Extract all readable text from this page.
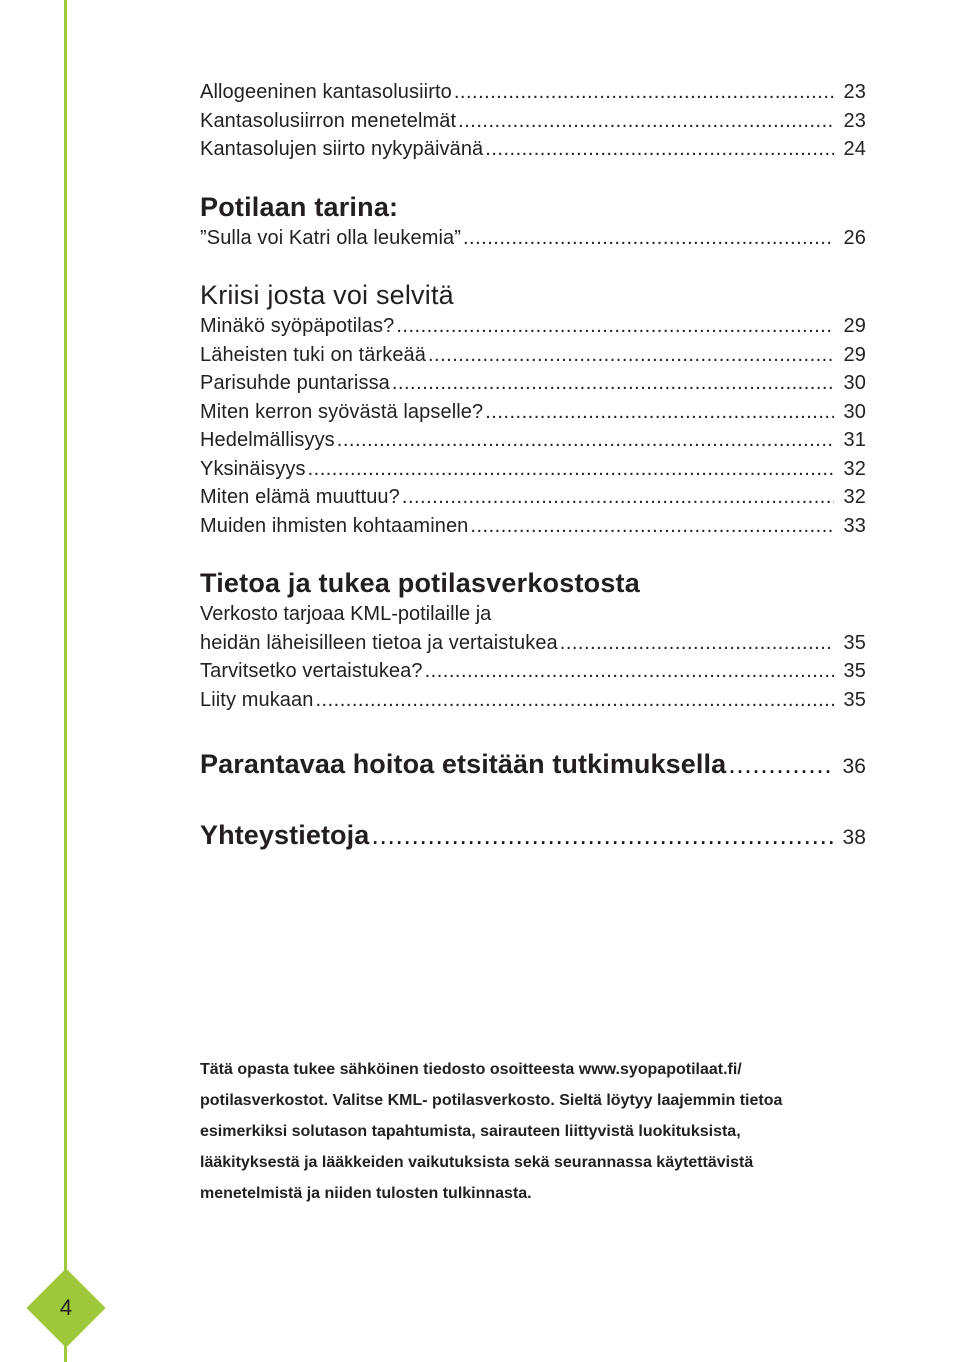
Allogeeninen kantasolusiirto .....	23
Kantasolusiirron menetelmät .....	23
Kantasolujen siirto nykypäivänä .....	24
Potilaan tarina:
”Sulla voi Katri olla leukemia” .....	26
Kriisi josta voi selvitä
Minäkö syöpäpotilas? .....	29
Läheisten tuki on tärkeää .....	29
Parisuhde puntarissa .....	30
Miten kerron syövästä lapselle? .....	30
Hedelmällisyys .....	31
Yksinäisyys .....	32
Miten elämä muuttuu? .....	32
Muiden ihmisten kohtaaminen .....	33
Tietoa ja tukea potilasverkostosta
Verkosto tarjoaa KML-potilaille ja
heidän läheisilleen tietoa ja vertaistukea .....	35
Tarvitsetko vertaistukea? .....	35
Liity mukaan .....	35
Parantavaa hoitoa etsitään tutkimuksella .....	36
Yhteystietoja .....	38
Tätä opasta tukee sähköinen tiedosto osoitteesta www.syopapotilaat.fi/
potilasverkostot. Valitse KML- potilasverkosto. Sieltä löytyy laajemmin tietoa
esimerkiksi solutason tapahtumista, sairauteen liittyvistä luokituksista,
lääkityksestä ja lääkkeiden vaikutuksista sekä seurannassa käytettävistä
menetelmistä ja niiden tulosten tulkinnasta.
4
